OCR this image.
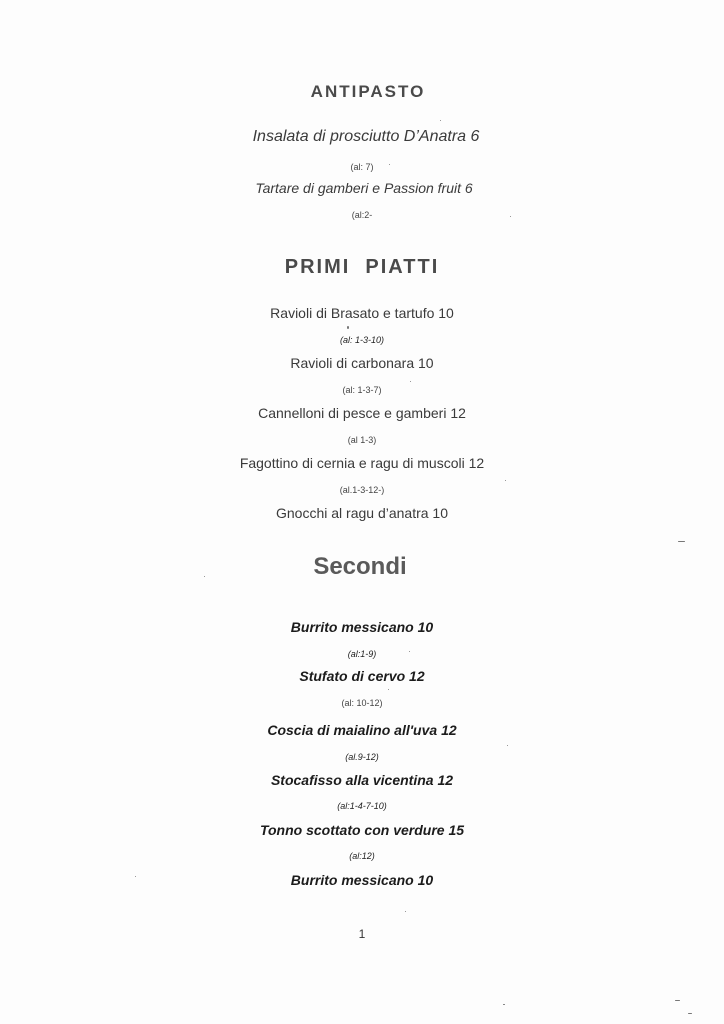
ANTIPASTO
Insalata di prosciutto D’Anatra 6
(al: 7)
Tartare di gamberi e Passion fruit 6
(al:2-
PRIMI  PIATTI
Ravioli di Brasato e tartufo 10
(al: 1-3-10)
Ravioli di carbonara 10
(al: 1-3-7)
Cannelloni di pesce e gamberi 12
(al 1-3)
Fagottino di cernia e ragu di muscoli 12
(al.1-3-12-)
Gnocchi al ragu d’anatra 10
Secondi
Burrito messicano 10
(al:1-9)
Stufato di cervo 12
(al: 10-12)
Coscia di maialino all'uva 12
(al.9-12)
Stocafisso alla vicentina 12
(al:1-4-7-10)
Tonno scottato con verdure 15
(al:12)
Burrito messicano 10
1
